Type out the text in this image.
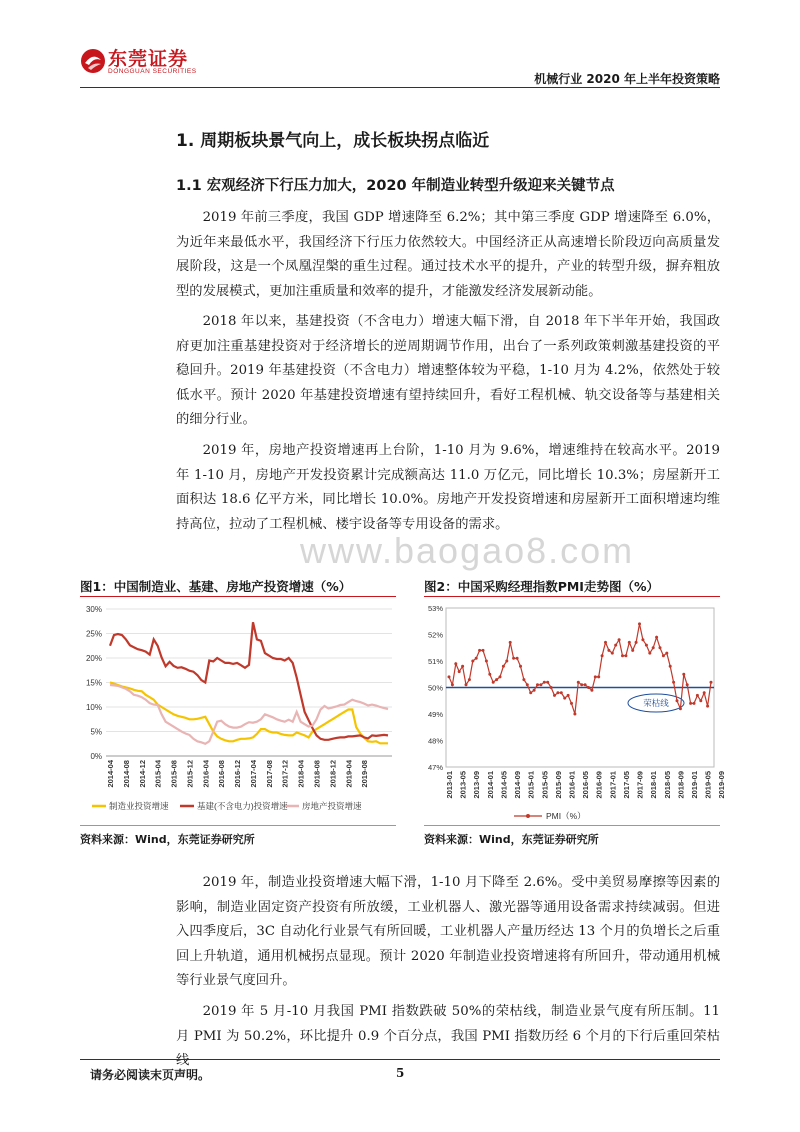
东莞证券
DONGGUAN SECURITIES
机械行业 2020 年上半年投资策略
1. 周期板块景气向上，成长板块拐点临近
1.1 宏观经济下行压力加大，2020 年制造业转型升级迎来关键节点

2019 年前三季度，我国 GDP 增速降至 6.2%；其中第三季度 GDP 增速降至 6.0%，为近年来最低水平，我国经济下行压力依然较大。中国经济正从高速增长阶段迈向高质量发展阶段，这是一个凤凰涅槃的重生过程。通过技术水平的提升，产业的转型升级，摒弃粗放型的发展模式，更加注重质量和效率的提升，才能激发经济发展新动能。

2018 年以来，基建投资（不含电力）增速大幅下滑，自 2018 年下半年开始，我国政府更加注重基建投资对于经济增长的逆周期调节作用，出台了一系列政策刺激基建投资的平稳回升。2019 年基建投资（不含电力）增速整体较为平稳，1-10 月为 4.2%，依然处于较低水平。预计 2020 年基建投资增速有望持续回升，看好工程机械、轨交设备等与基建相关的细分行业。

2019 年，房地产投资增速再上台阶，1-10 月为 9.6%，增速维持在较高水平。2019 年 1-10 月，房地产开发投资累计完成额高达 11.0 万亿元，同比增长 10.3%；房屋新开工面积达 18.6 亿平方米，同比增长 10.0%。房地产开发投资增速和房屋新开工面积增速均维持高位，拉动了工程机械、楼宇设备等专用设备的需求。

www.baogao8.com
图1：中国制造业、基建、房地产投资增速（%）
0%
5%
10%
15%
20%
25%
30%
2014-04 2014-08 2014-12 2015-04 2015-08 2015-12 2016-04 2016-08 2016-12 2017-04 2017-08 2017-12 2018-04 2018-08 2018-12 2019-04 2019-08
制造业投资增速	基建(不含电力)投资增速 房地产投资增速
资料来源：Wind，东莞证券研究所
图2：中国采购经理指数PMI走势图（%）
47%
48%
49%
50%
51%
52%
53%
荣枯线
2013-01 2013-05 2013-09 2014-01 2014-05 2014-09 2015-01 2015-05 2015-09 2016-01 2016-05 2016-09 2017-01 2017-05 2017-09 2018-01 2018-05 2018-09 2019-01 2019-05 2019-09
PMI（%）
资料来源：Wind，东莞证券研究所

2019 年，制造业投资增速大幅下滑，1-10 月下降至 2.6%。受中美贸易摩擦等因素的影响，制造业固定资产投资有所放缓，工业机器人、激光器等通用设备需求持续减弱。但进入四季度后，3C 自动化行业景气有所回暖，工业机器人产量历经达 13 个月的负增长之后重回上升轨道，通用机械拐点显现。预计 2020 年制造业投资增速将有所回升，带动通用机械等行业景气度回升。

2019 年 5 月-10 月我国 PMI 指数跌破 50%的荣枯线，制造业景气度有所压制。11 月 PMI 为 50.2%，环比提升 0.9 个百分点，我国 PMI 指数历经 6 个月的下行后重回荣枯线

请务必阅读末页声明。	5
